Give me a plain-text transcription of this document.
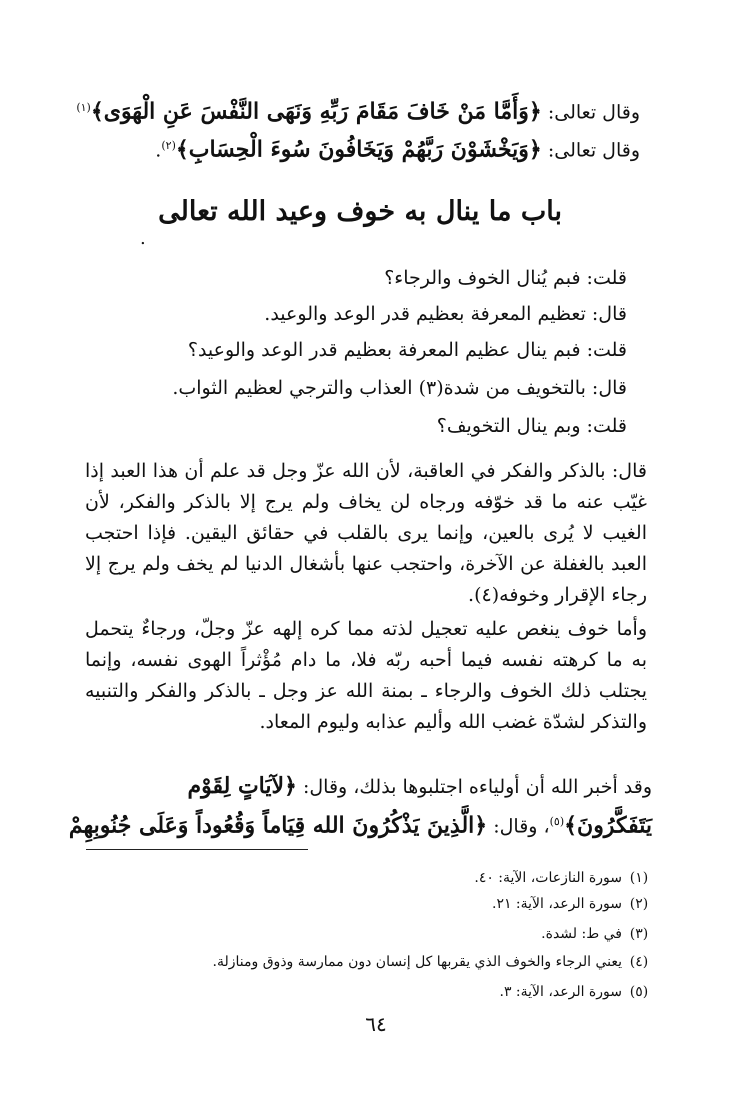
وقال تعالى: ﴿وَأَمَّا مَنْ خَافَ مَقَامَ رَبِّهِ وَنَهَى النَّفْسَ عَنِ الْهَوَى﴾$^{(١)}$
وقال تعالى: ﴿وَيَخْشَوْنَ رَبَّهُمْ وَيَخَافُونَ سُوءَ الْحِسَابِ﴾$^{(٢)}$.
باب ما ينال به خوف وعيد الله تعالى
.
قلت: فبم يُنال الخوف والرجاء؟
قال: تعظيم المعرفة بعظيم قدر الوعد والوعيد.
قلت: فبم ينال عظيم المعرفة بعظيم قدر الوعد والوعيد؟
قال: بالتخويف من شدة(٣) العذاب والترجي لعظيم الثواب.
قلت: وبم ينال التخويف؟
قال: بالذكر والفكر في العاقبة، لأن الله عزّ وجل قد علم أن هذا العبد إذا غيّب عنه ما قد خوّفه ورجاه لن يخاف ولم يرج إلا بالذكر والفكر، لأن الغيب لا يُرى بالعين، وإنما يرى بالقلب في حقائق اليقين. فإذا احتجب العبد بالغفلة عن الآخرة، واحتجب عنها بأشغال الدنيا لم يخف ولم يرج إلا رجاء الإقرار وخوفه(٤).
وأما خوف ينغص عليه تعجيل لذته مما كره إلهه عزّ وجلّ، ورجاءٌ يتحمل به ما كرهته نفسه فيما أحبه ربّه فلا، ما دام مُؤْثراً الهوى نفسه، وإنما يجتلب ذلك الخوف والرجاء ـ بمنة الله عز وجل ـ بالذكر والفكر والتنبيه والتذكر لشدّة غضب الله وأليم عذابه وليوم المعاد.
وقد أخبر الله أن أولياءه اجتلبوها بذلك، وقال: ﴿لآيَاتٍ لِقَوْم
يَتَفَكَّرُونَ﴾$^{(٥)}$، وقال: ﴿الَّذِينَ يَذْكُرُونَ الله قِيَاماً وَقُعُوداً وَعَلَى جُنُوبِهِمْ
(١)سورة النازعات، الآية: ٤٠.
(٢)سورة الرعد، الآية: ٢١.
(٣)في ط: لشدة.
(٤)يعني الرجاء والخوف الذي يقربها كل إنسان دون ممارسة وذوق ومنازلة.
(٥)سورة الرعد، الآية: ٣.
٦٤
